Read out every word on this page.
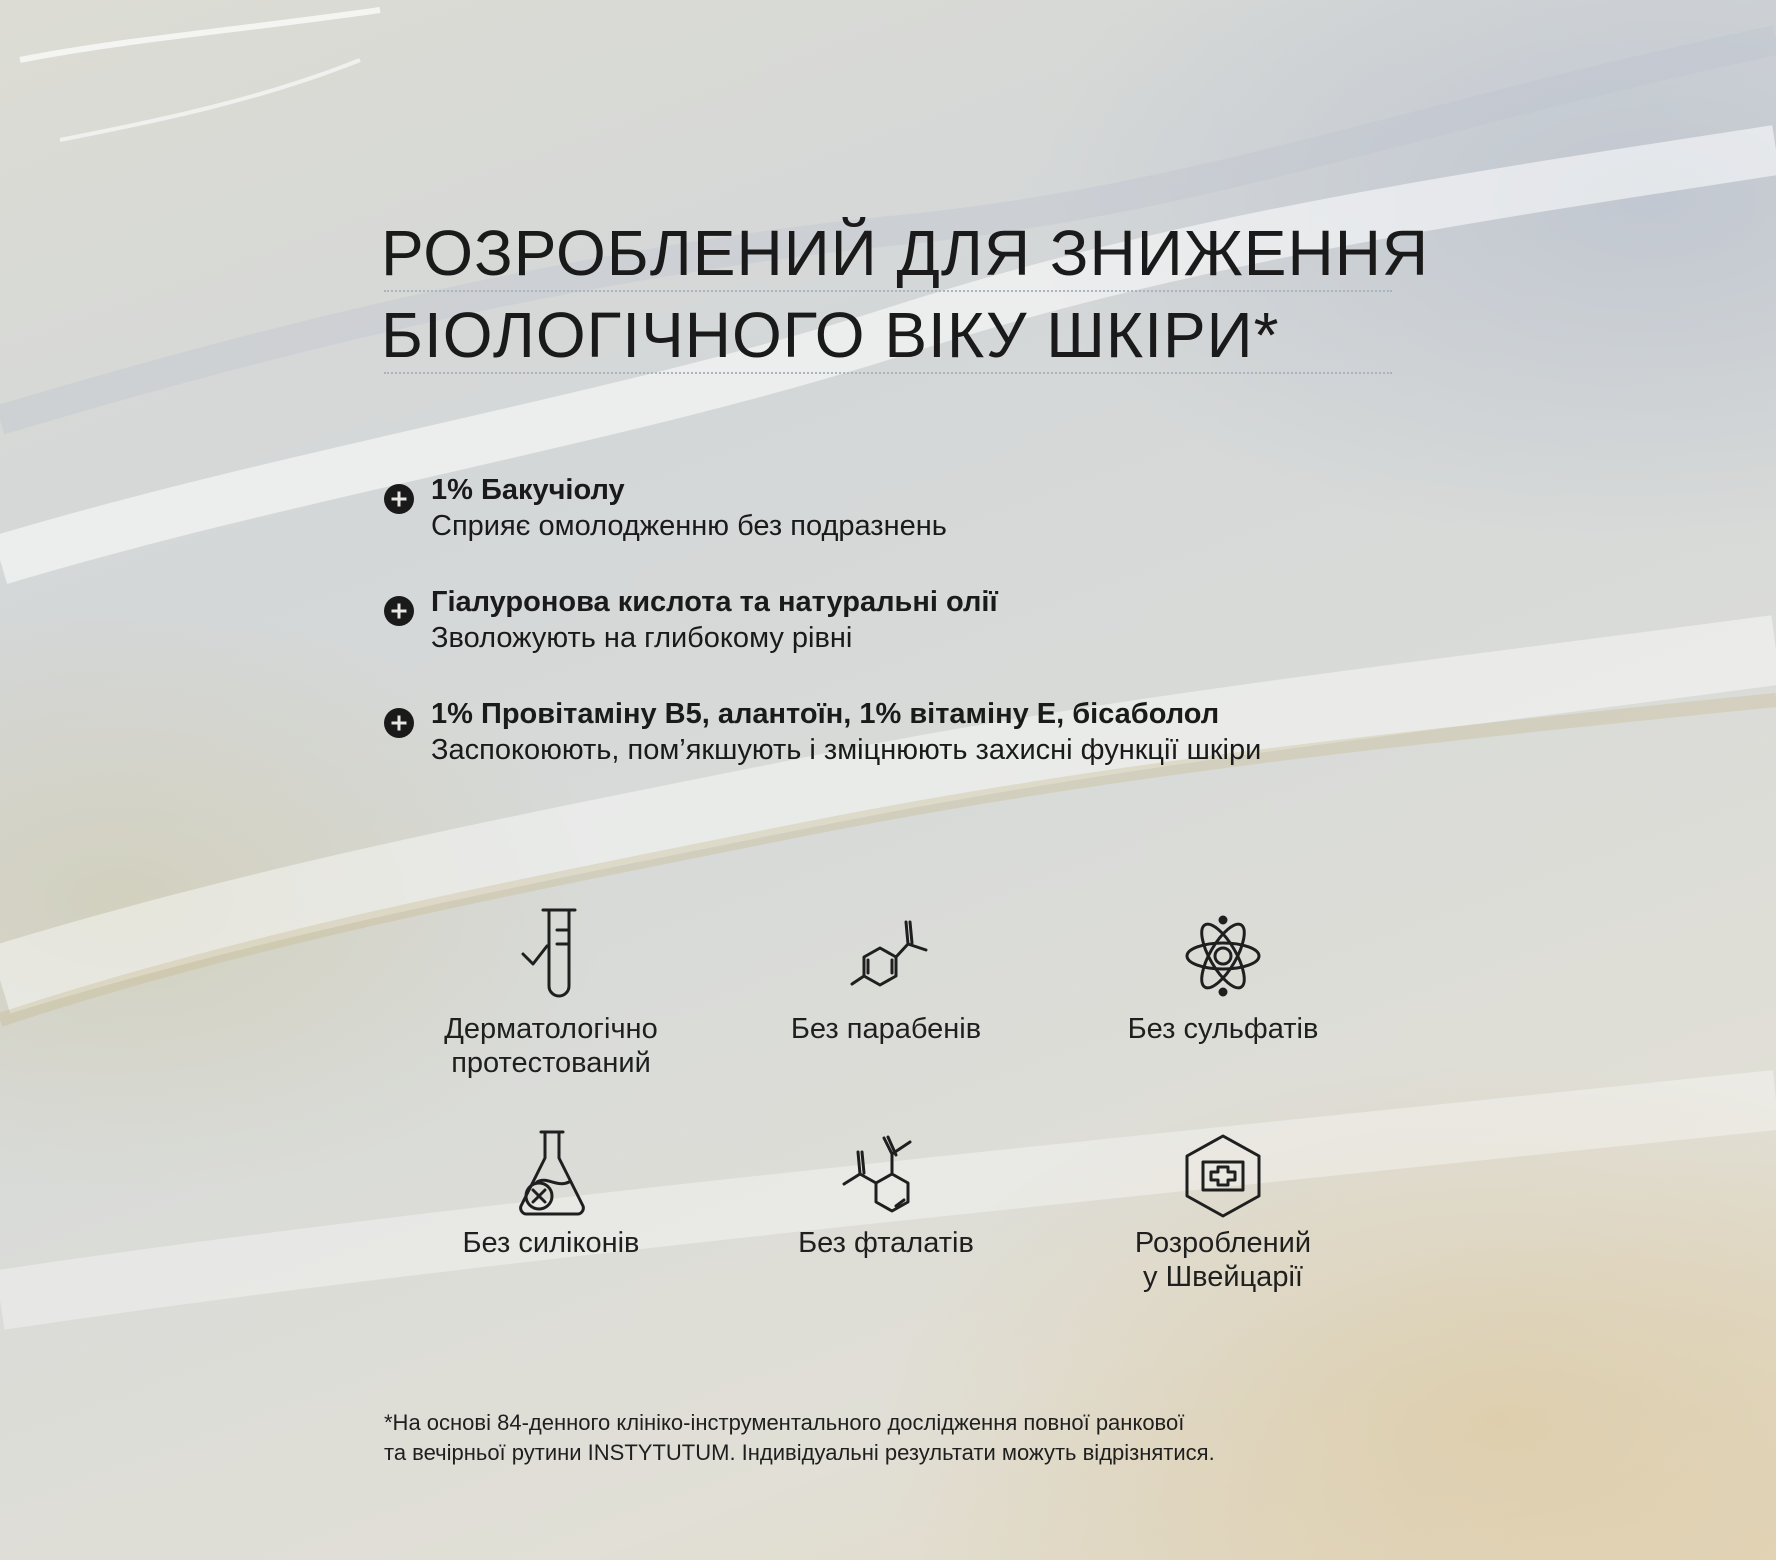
РОЗРОБЛЕНИЙ ДЛЯ ЗНИЖЕННЯ
БІОЛОГІЧНОГО ВІКУ ШКІРИ*
1% Бакучіолу
Сприяє омолодженню без подразнень
Гіалуронова кислота та натуральні олії
Зволожують на глибокому рівні
1% Провітаміну B5, алантоїн, 1% вітаміну Е, бісаболол
Заспокоюють, пом’якшують і зміцнюють захисні функції шкіри
Дерматологічно
протестований
Без парабенів	Без сульфатів
Без силіконів	Без фталатів	Розроблений
у Швейцарії
*На основі 84-денного клініко-інструментального дослідження повної ранкової
та вечірньої рутини INSTYTUTUM. Індивідуальні результати можуть відрізнятися.
